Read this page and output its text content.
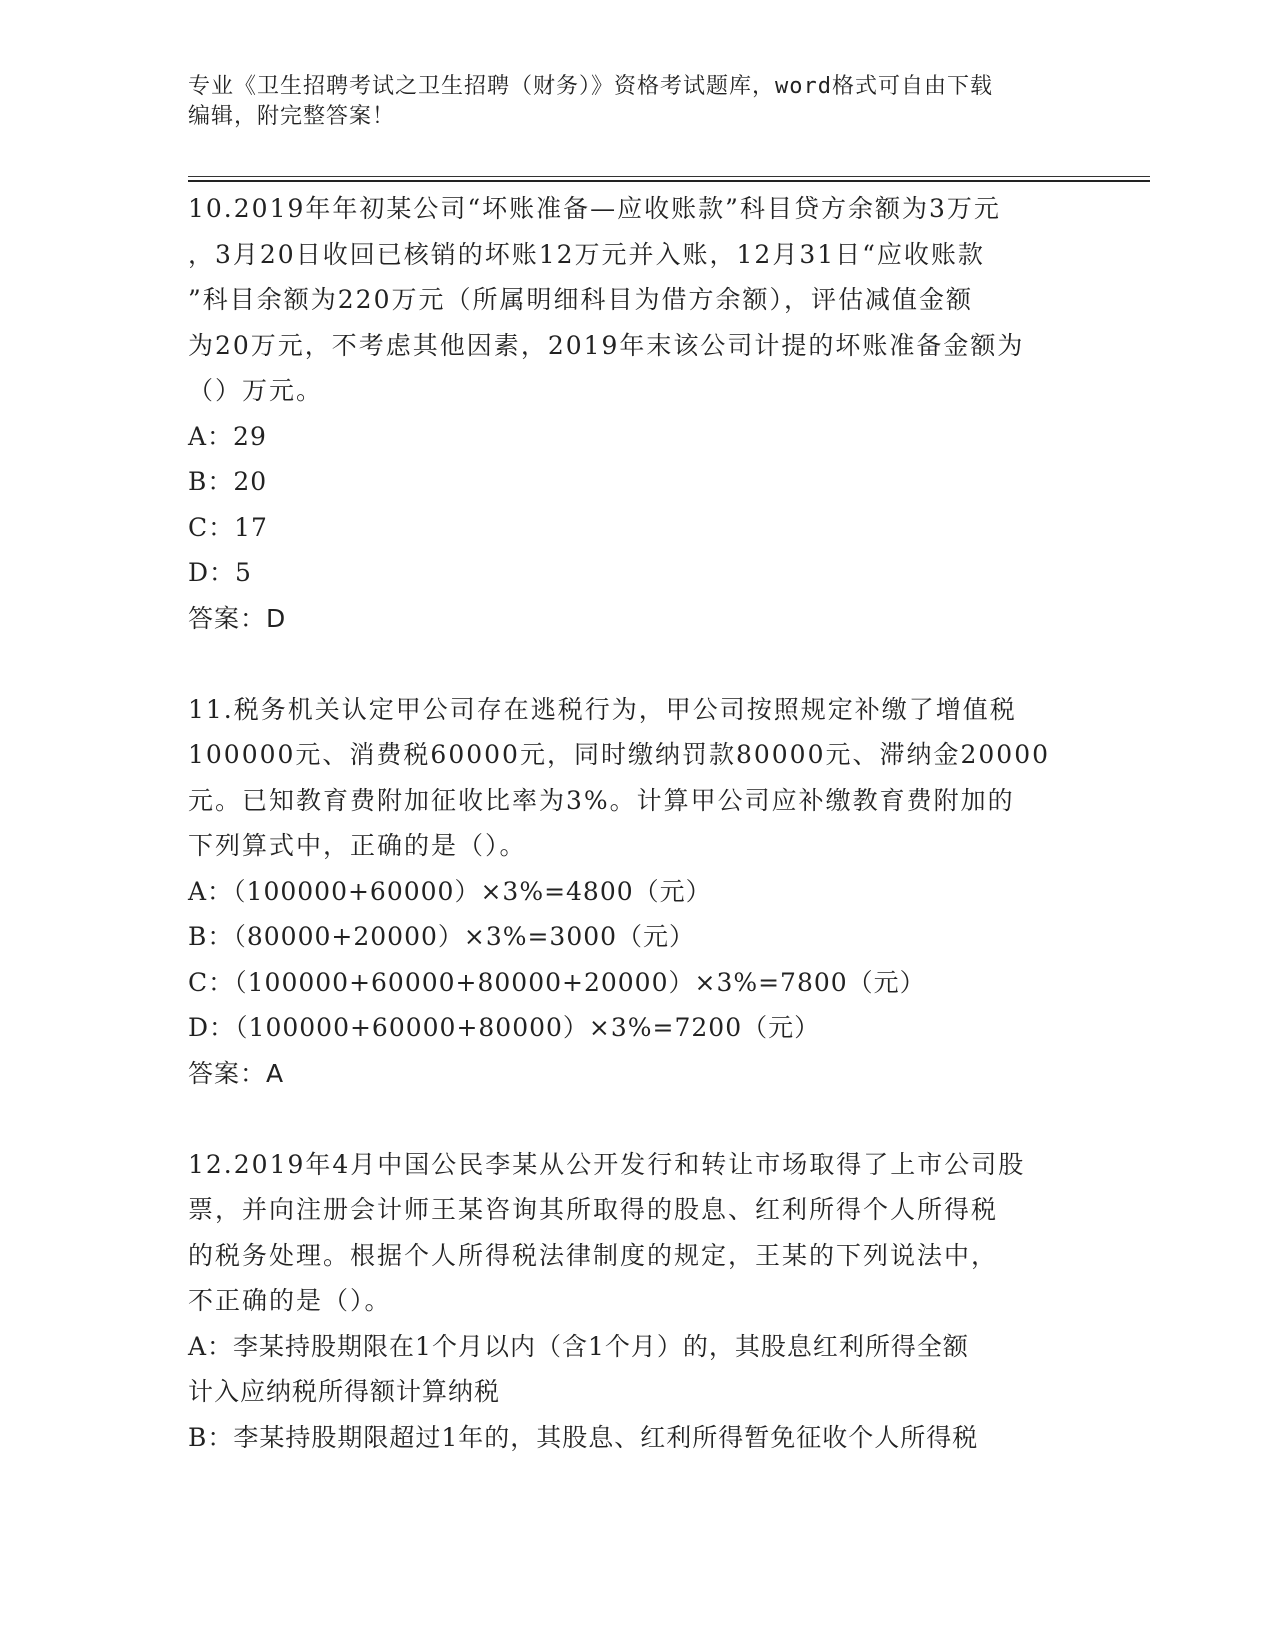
专业《卫生招聘考试之卫生招聘（财务）》资格考试题库，word格式可自由下载
编辑，附完整答案！
10.2019年年初某公司“坏账准备—应收账款”科目贷方余额为3万元
，3月20日收回已核销的坏账12万元并入账，12月31日“应收账款
”科目余额为220万元（所属明细科目为借方余额），评估减值金额
为20万元，不考虑其他因素，2019年末该公司计提的坏账准备金额为
（）万元。
A：29
B：20
C：17
D：5
答案：D
11.税务机关认定甲公司存在逃税行为，甲公司按照规定补缴了增值税
100000元、消费税60000元，同时缴纳罚款80000元、滞纳金20000
元。已知教育费附加征收比率为3%。计算甲公司应补缴教育费附加的
下列算式中，正确的是（）。
A：（100000+60000）×3%=4800（元）
B：（80000+20000）×3%=3000（元）
C：（100000+60000+80000+20000）×3%=7800（元）
D：（100000+60000+80000）×3%=7200（元）
答案：A
12.2019年4月中国公民李某从公开发行和转让市场取得了上市公司股
票，并向注册会计师王某咨询其所取得的股息、红利所得个人所得税
的税务处理。根据个人所得税法律制度的规定，王某的下列说法中，
不正确的是（）。
A：李某持股期限在1个月以内（含1个月）的，其股息红利所得全额
计入应纳税所得额计算纳税
B：李某持股期限超过1年的，其股息、红利所得暂免征收个人所得税
